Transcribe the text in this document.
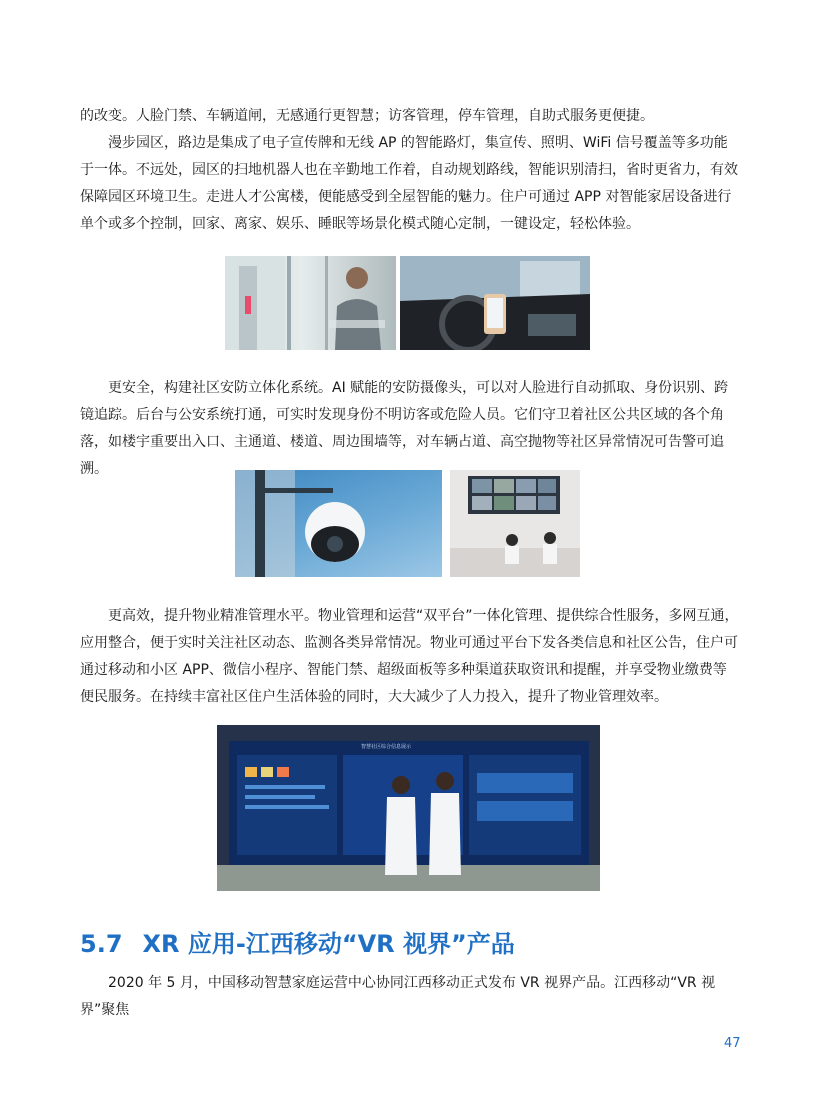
的改变。人脸门禁、车辆道闸，无感通行更智慧；访客管理，停车管理，自助式服务更便捷。

漫步园区，路边是集成了电子宣传牌和无线 AP 的智能路灯，集宣传、照明、WiFi 信号覆盖等多功能于一体。不远处，园区的扫地机器人也在辛勤地工作着，自动规划路线，智能识别清扫，省时更省力，有效保障园区环境卫生。走进人才公寓楼，便能感受到全屋智能的魅力。住户可通过 APP 对智能家居设备进行单个或多个控制，回家、离家、娱乐、睡眠等场景化模式随心定制，一键设定，轻松体验。

更安全，构建社区安防立体化系统。AI 赋能的安防摄像头，可以对人脸进行自动抓取、身份识别、跨镜追踪。后台与公安系统打通，可实时发现身份不明访客或危险人员。它们守卫着社区公共区域的各个角落，如楼宇重要出入口、主通道、楼道、周边围墙等，对车辆占道、高空抛物等社区异常情况可告警可追溯。

更高效，提升物业精准管理水平。物业管理和运营“双平台”一体化管理、提供综合性服务，多网互通，应用整合，便于实时关注社区动态、监测各类异常情况。物业可通过平台下发各类信息和社区公告，住户可通过移动和小区 APP、微信小程序、智能门禁、超级面板等多种渠道获取资讯和提醒，并享受物业缴费等便民服务。在持续丰富社区住户生活体验的同时，大大减少了人力投入，提升了物业管理效率。

智慧社区综合信息展示
5.7 XR 应用-江西移动“VR 视界”产品

2020 年 5 月，中国移动智慧家庭运营中心协同江西移动正式发布 VR 视界产品。江西移动“VR 视界”聚焦

47
